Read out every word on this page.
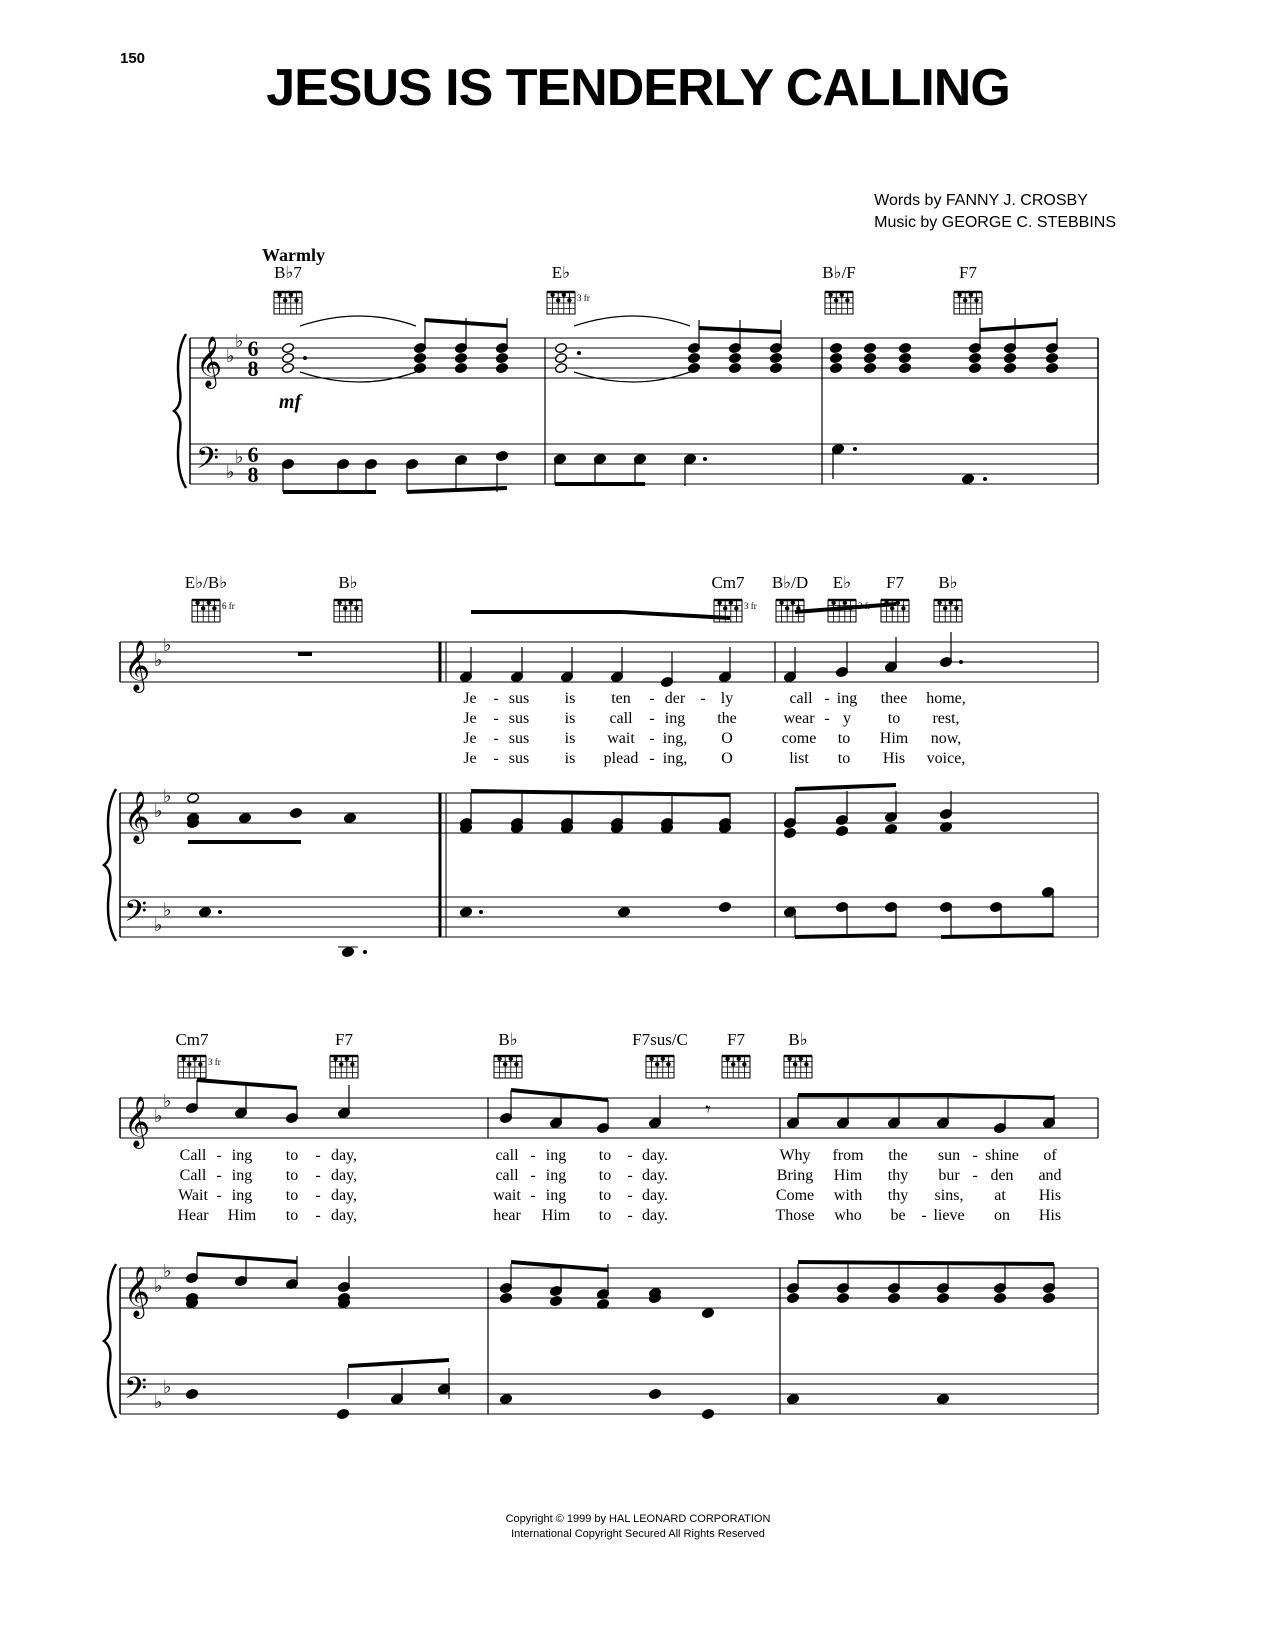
150
JESUS IS TENDERLY CALLING
Words by FANNY J. CROSBY
Music by GEORGE C. STEBBINS
Warmly
𝄞
𝄢
♭
♭
♭
♭
6
8
6
8
mf
B♭7	E♭
3 fr
B♭/F	F7
𝄞
𝄞
𝄢
♭
♭
♭
♭
♭
♭
E♭/B♭
6 fr
B♭	Cm7
3 fr
B♭/D E♭ F7 B♭
Je - sus is ten - der - ly	call - ing thee home,
Je - sus is call - ing the	wear - y to rest,
Je - sus is wait - ing, O	come to Him now,
Je - sus is plead - ing, O	list to His voice,
𝄞
𝄞
𝄢
♭
♭
♭
♭
♭
♭
Cm7
3 fr
F7	B♭	F7sus/C F7	B♭
𝄾
Call - ing to - day,	call - ing to - day.	Why from the sun - shine of
Call - ing to - day,	call - ing to - day.	Bring Him thy bur - den and
Wait - ing to - day,	wait - ing to - day.	Come with thy sins, at His
Hear Him to - day,	hear Him to - day.	Those who be - lieve on His
Copyright © 1999 by HAL LEONARD CORPORATION
International Copyright Secured All Rights Reserved
